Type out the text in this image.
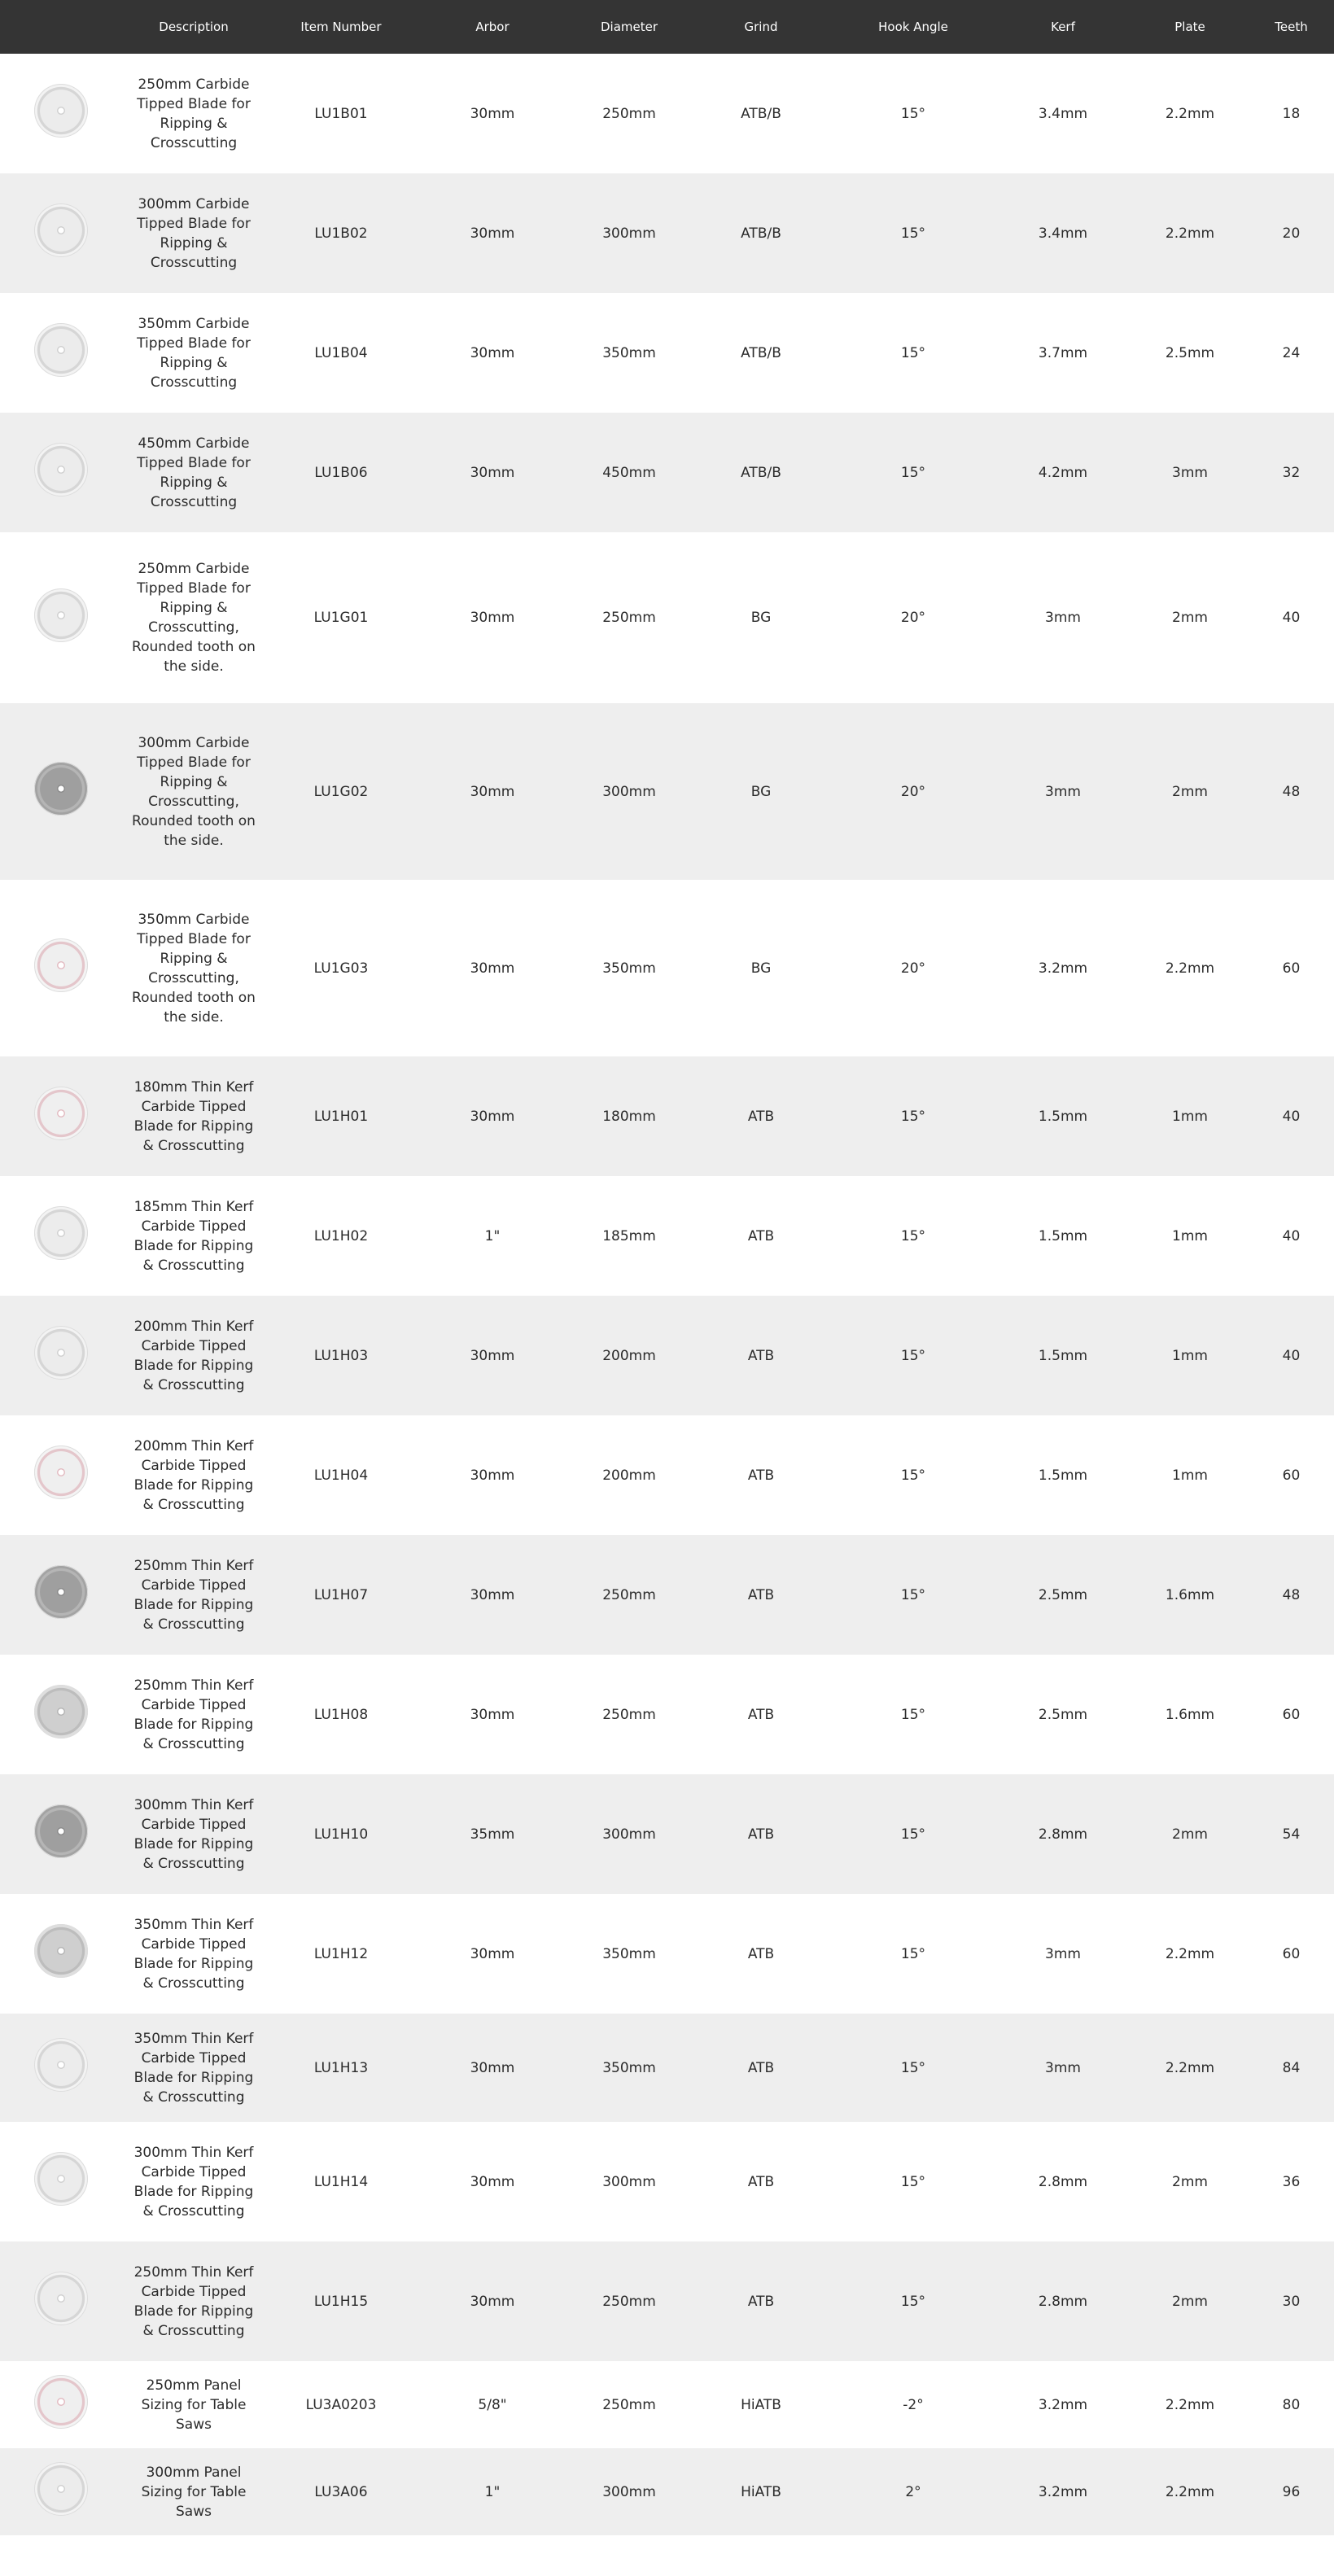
	Description	Item Number	Arbor	Diameter	Grind	Hook Angle	Kerf	Plate	Teeth
	250mm Carbide Tipped Blade for Ripping & Crosscutting	LU1B01	30mm	250mm	ATB/B	15°	3.4mm	2.2mm	18
	300mm Carbide Tipped Blade for Ripping & Crosscutting	LU1B02	30mm	300mm	ATB/B	15°	3.4mm	2.2mm	20
	350mm Carbide Tipped Blade for Ripping & Crosscutting	LU1B04	30mm	350mm	ATB/B	15°	3.7mm	2.5mm	24
	450mm Carbide Tipped Blade for Ripping & Crosscutting	LU1B06	30mm	450mm	ATB/B	15°	4.2mm	3mm	32
	250mm Carbide Tipped Blade for Ripping & Crosscutting, Rounded tooth on the side.	LU1G01	30mm	250mm	BG	20°	3mm	2mm	40
	300mm Carbide Tipped Blade for Ripping & Crosscutting, Rounded tooth on the side.	LU1G02	30mm	300mm	BG	20°	3mm	2mm	48
	350mm Carbide Tipped Blade for Ripping & Crosscutting, Rounded tooth on the side.	LU1G03	30mm	350mm	BG	20°	3.2mm	2.2mm	60
	180mm Thin Kerf Carbide Tipped Blade for Ripping & Crosscutting	LU1H01	30mm	180mm	ATB	15°	1.5mm	1mm	40
	185mm Thin Kerf Carbide Tipped Blade for Ripping & Crosscutting	LU1H02	1"	185mm	ATB	15°	1.5mm	1mm	40
	200mm Thin Kerf Carbide Tipped Blade for Ripping & Crosscutting	LU1H03	30mm	200mm	ATB	15°	1.5mm	1mm	40
	200mm Thin Kerf Carbide Tipped Blade for Ripping & Crosscutting	LU1H04	30mm	200mm	ATB	15°	1.5mm	1mm	60
	250mm Thin Kerf Carbide Tipped Blade for Ripping & Crosscutting	LU1H07	30mm	250mm	ATB	15°	2.5mm	1.6mm	48
	250mm Thin Kerf Carbide Tipped Blade for Ripping & Crosscutting	LU1H08	30mm	250mm	ATB	15°	2.5mm	1.6mm	60
	300mm Thin Kerf Carbide Tipped Blade for Ripping & Crosscutting	LU1H10	35mm	300mm	ATB	15°	2.8mm	2mm	54
	350mm Thin Kerf Carbide Tipped Blade for Ripping & Crosscutting	LU1H12	30mm	350mm	ATB	15°	3mm	2.2mm	60
	350mm Thin Kerf Carbide Tipped Blade for Ripping & Crosscutting	LU1H13	30mm	350mm	ATB	15°	3mm	2.2mm	84
	300mm Thin Kerf Carbide Tipped Blade for Ripping & Crosscutting	LU1H14	30mm	300mm	ATB	15°	2.8mm	2mm	36
	250mm Thin Kerf Carbide Tipped Blade for Ripping & Crosscutting	LU1H15	30mm	250mm	ATB	15°	2.8mm	2mm	30
	250mm Panel Sizing for Table Saws	LU3A0203	5/8"	250mm	HiATB	-2°	3.2mm	2.2mm	80
	300mm Panel Sizing for Table Saws	LU3A06	1"	300mm	HiATB	2°	3.2mm	2.2mm	96
